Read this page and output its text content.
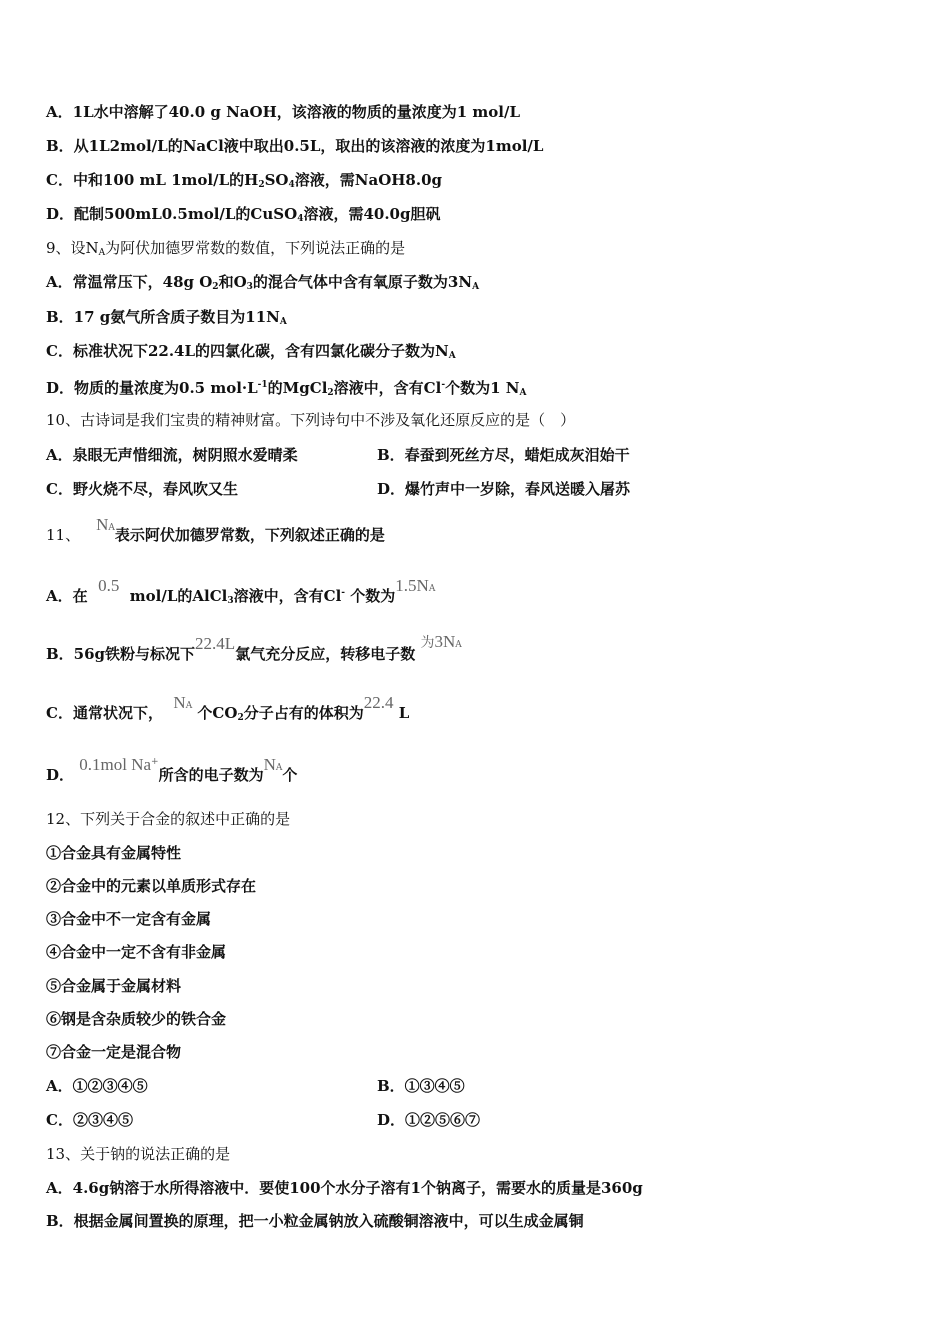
A．1L水中溶解了40.0 g NaOH，该溶液的物质的量浓度为1 mol/L
B．从1L2mol/L的NaCl液中取出0.5L，取出的该溶液的浓度为1mol/L
C．中和100 mL 1mol/L的$H_2SO_4$溶液，需NaOH8.0g
D．配制500mL0.5mol/L的CuSO$_4$溶液，需40.0g胆矾
9、设$N_A$为阿伏加德罗常数的数值，下列说法正确的是
A．常温常压下，48g $O_2$和$O_3$的混合气体中含有氧原子数为$3N_A$
B．17 g氨气所含质子数目为$11N_A$
C．标准状况下22.4L的四氯化碳，含有四氯化碳分子数为$N_A$
D．物质的量浓度为0.5 $mol\cdot L^{-1}$的MgCl$_2$溶液中，含有Cl-个数为1 $N_A$
10、古诗词是我们宝贵的精神财富。下列诗句中不涉及氧化还原反应的是（　）
A．泉眼无声惜细流，树阴照水爱晴柔	B．春蚕到死丝方尽，蜡炬成灰泪始干
C．野火烧不尽，春风吹又生	D．爆竹声中一岁除，春风送暖入屠苏
11、NA表示阿伏加德罗常数，下列叙述正确的是
A．在  0.5  mol/L的AlCl$_3$溶液中，含有Cl- 个数为1.5NA
B．56g铁粉与标况下22.4L氯气充分反应，转移电子数 为3NA
C．通常状况下，  NA 个$CO_2$分子占有的体积为22.4 L
D． 0.1mol Na+所含的电子数为NA个
12、下列关于合金的叙述中正确的是
①合金具有金属特性
②合金中的元素以单质形式存在
③合金中不一定含有金属
④合金中一定不含有非金属
⑤合金属于金属材料
⑥钢是含杂质较少的铁合金
⑦合金一定是混合物
A．①②③④⑤	B．①③④⑤
C．②③④⑤	D．①②⑤⑥⑦
13、关于钠的说法正确的是
A．4.6g钠溶于水所得溶液中．要使100个水分子溶有1个钠离子，需要水的质量是360g
B．根据金属间置换的原理，把一小粒金属钠放入硫酸铜溶液中，可以生成金属铜
